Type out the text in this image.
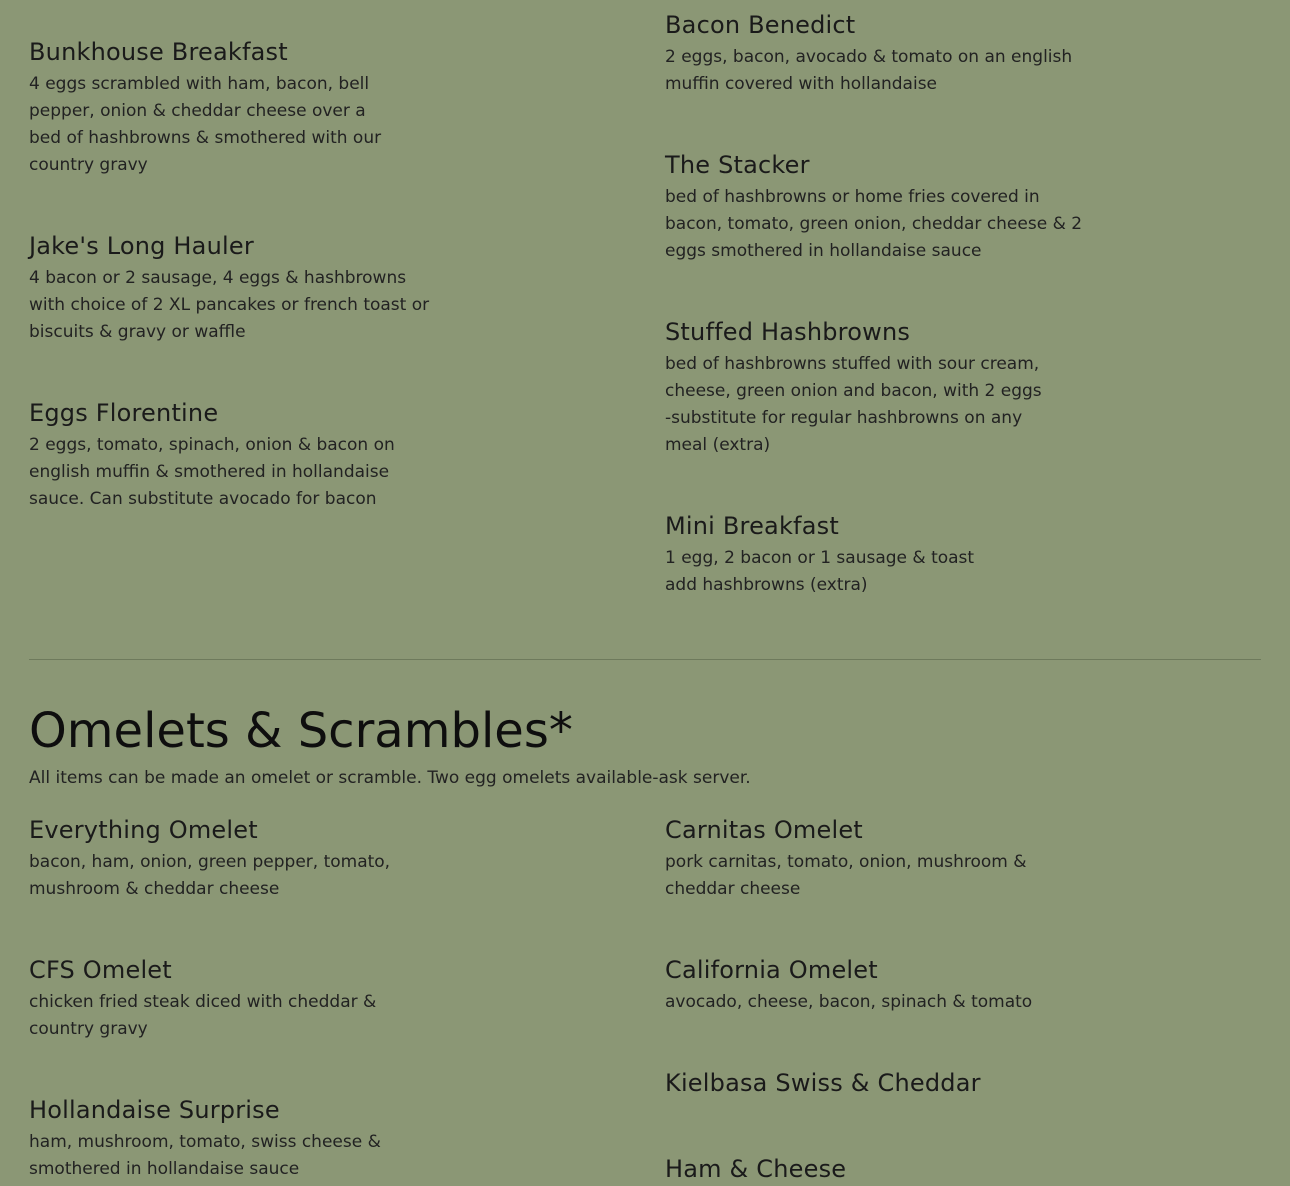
Bunkhouse Breakfast
4 eggs scrambled with ham, bacon, bell
pepper, onion & cheddar cheese over a
bed of hashbrowns & smothered with our
country gravy
Jake's Long Hauler
4 bacon or 2 sausage, 4 eggs & hashbrowns
with choice of 2 XL pancakes or french toast or
biscuits & gravy or waffle
Eggs Florentine
2 eggs, tomato, spinach, onion & bacon on
english muffin & smothered in hollandaise
sauce. Can substitute avocado for bacon
Bacon Benedict
2 eggs, bacon, avocado & tomato on an english
muffin covered with hollandaise
The Stacker
bed of hashbrowns or home fries covered in
bacon, tomato, green onion, cheddar cheese & 2
eggs smothered in hollandaise sauce
Stuffed Hashbrowns
bed of hashbrowns stuffed with sour cream,
cheese, green onion and bacon, with 2 eggs
-substitute for regular hashbrowns on any
meal (extra)
Mini Breakfast
1 egg, 2 bacon or 1 sausage & toast
add hashbrowns (extra)
Omelets & Scrambles*
All items can be made an omelet or scramble. Two egg omelets available-ask server.
Everything Omelet
bacon, ham, onion, green pepper, tomato,
mushroom & cheddar cheese
CFS Omelet
chicken fried steak diced with cheddar &
country gravy
Hollandaise Surprise
ham, mushroom, tomato, swiss cheese &
smothered in hollandaise sauce
Carnitas Omelet
pork carnitas, tomato, onion, mushroom &
cheddar cheese
California Omelet
avocado, cheese, bacon, spinach & tomato
Kielbasa Swiss & Cheddar
Ham & Cheese
